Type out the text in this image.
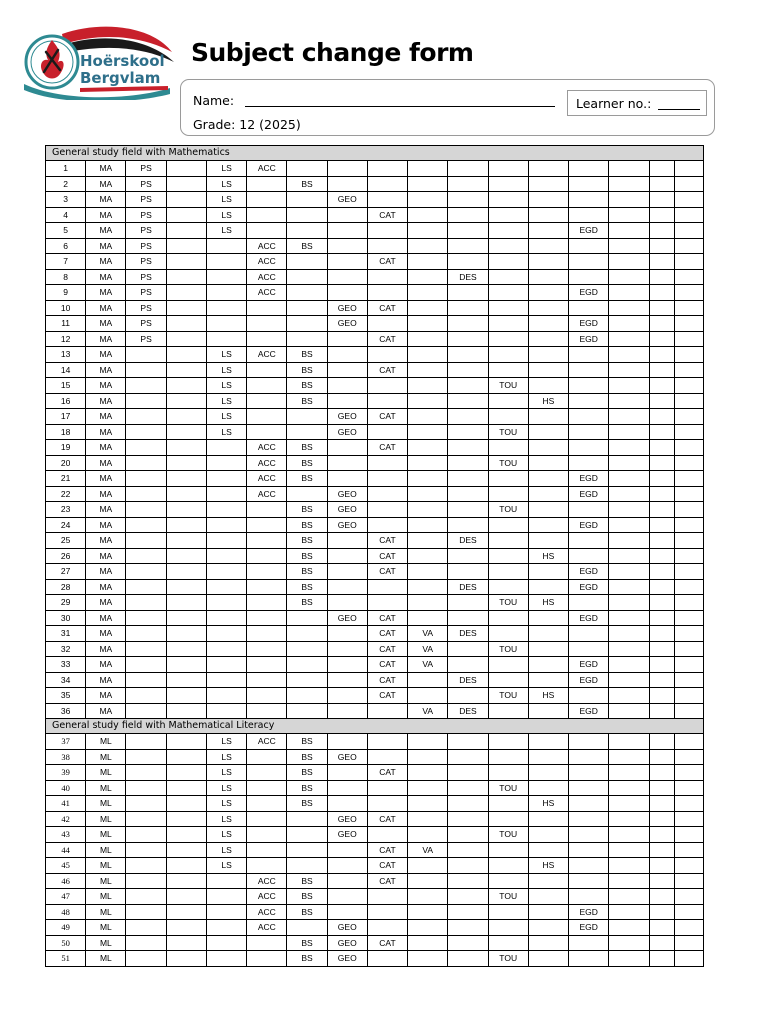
Hoërskool
Bergvlam
Subject change form
Name:
Grade: 12 (2025)
Learner no.:
General study field with Mathematics																
1	MA	PS		LS	ACC											
2	MA	PS		LS		BS										
3	MA	PS		LS			GEO									
4	MA	PS		LS				CAT								
5	MA	PS		LS									EGD			
6	MA	PS			ACC	BS										
7	MA	PS			ACC			CAT								
8	MA	PS			ACC					DES						
9	MA	PS			ACC								EGD			
10	MA	PS					GEO	CAT								
11	MA	PS					GEO						EGD			
12	MA	PS						CAT					EGD			
13	MA			LS	ACC	BS										
14	MA			LS		BS		CAT								
15	MA			LS		BS					TOU					
16	MA			LS		BS						HS				
17	MA			LS			GEO	CAT								
18	MA			LS			GEO				TOU					
19	MA				ACC	BS		CAT								
20	MA				ACC	BS					TOU					
21	MA				ACC	BS							EGD			
22	MA				ACC		GEO						EGD			
23	MA					BS	GEO				TOU					
24	MA					BS	GEO						EGD			
25	MA					BS		CAT		DES						
26	MA					BS		CAT				HS				
27	MA					BS		CAT					EGD			
28	MA					BS				DES			EGD			
29	MA					BS					TOU	HS				
30	MA						GEO	CAT					EGD			
31	MA							CAT	VA	DES						
32	MA							CAT	VA		TOU					
33	MA							CAT	VA				EGD			
34	MA							CAT		DES			EGD			
35	MA							CAT			TOU	HS				
36	MA								VA	DES			EGD			
General study field with Mathematical Literacy																
37	ML			LS	ACC	BS										
38	ML			LS		BS	GEO									
39	ML			LS		BS		CAT								
40	ML			LS		BS					TOU					
41	ML			LS		BS						HS				
42	ML			LS			GEO	CAT								
43	ML			LS			GEO				TOU					
44	ML			LS				CAT	VA							
45	ML			LS				CAT				HS				
46	ML				ACC	BS		CAT								
47	ML				ACC	BS					TOU					
48	ML				ACC	BS							EGD			
49	ML				ACC		GEO						EGD			
50	ML					BS	GEO	CAT								
51	ML					BS	GEO				TOU					
